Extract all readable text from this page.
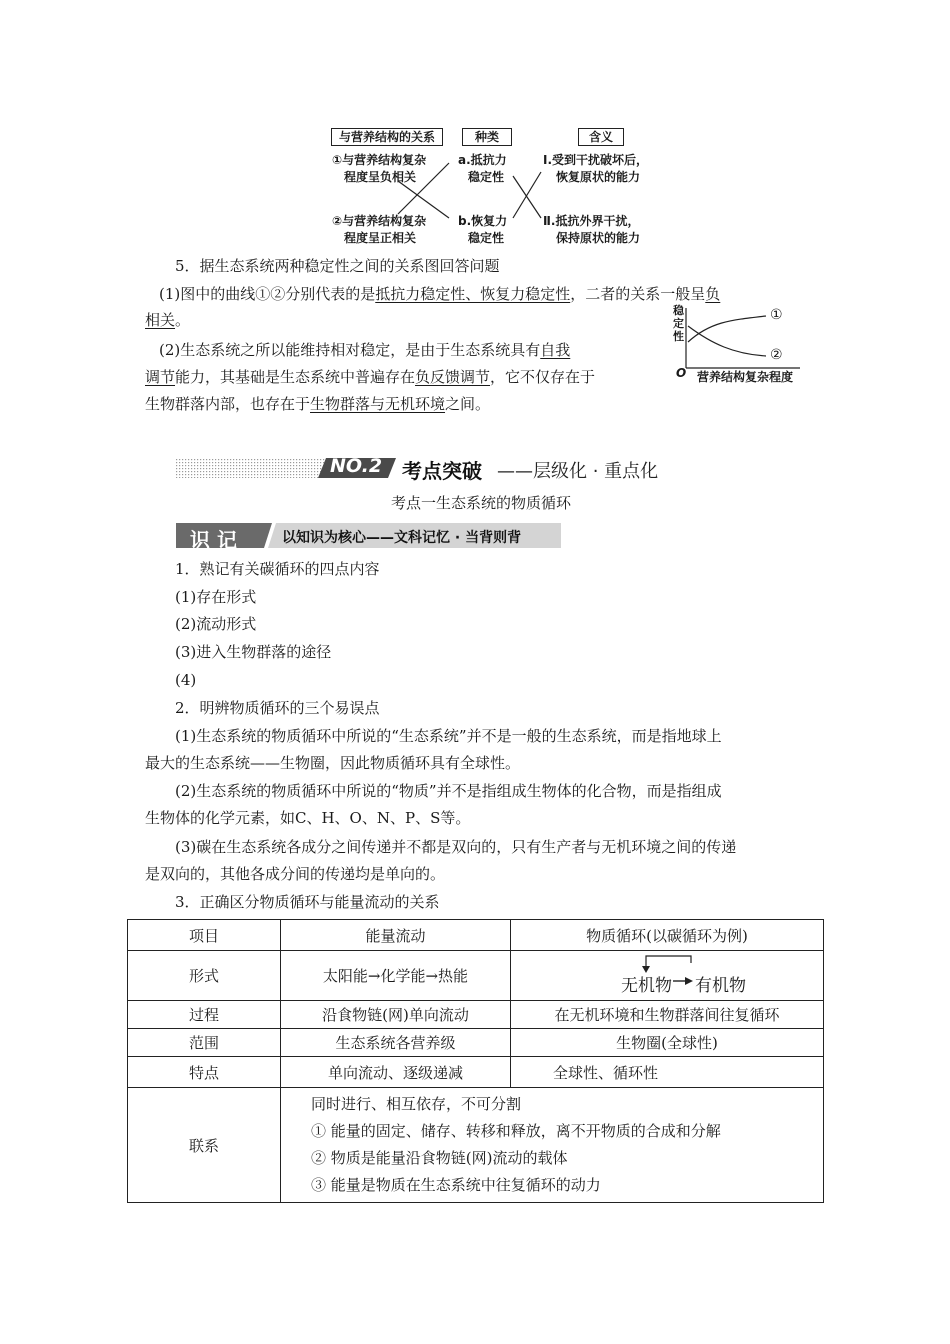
与营养结构的关系	种类	含义
①与营养结构复杂
程度呈负相关
②与营养结构复杂
程度呈正相关
a.抵抗力
稳定性
b.恢复力
稳定性
Ⅰ.受到干扰破坏后，
恢复原状的能力
Ⅱ.抵抗外界干扰，
保持原状的能力
5．据生态系统两种稳定性之间的关系图回答问题
(1)图中的曲线①②分别代表的是抵抗力稳定性、恢复力稳定性，二者的关系一般呈负
相关。
(2)生态系统之所以能维持相对稳定，是由于生态系统具有自我
调节能力，其基础是生态系统中普遍存在负反馈调节，它不仅存在于
生物群落内部，也存在于生物群落与无机环境之间。
稳定性
①
②
O 营养结构复杂程度
NO.2 考点突破 ——层级化 · 重点化
考点一生态系统的物质循环
识 记	以知识为核心——文科记忆 · 当背则背
1．熟记有关碳循环的四点内容
(1)存在形式
(2)流动形式
(3)进入生物群落的途径
(4)
2．明辨物质循环的三个易误点
(1)生态系统的物质循环中所说的“生态系统”并不是一般的生态系统，而是指地球上
最大的生态系统——生物圈，因此物质循环具有全球性。
(2)生态系统的物质循环中所说的“物质”并不是指组成生物体的化合物，而是指组成
生物体的化学元素，如C、H、O、N、P、S等。
(3)碳在生态系统各成分之间传递并不都是双向的，只有生产者与无机环境之间的传递
是双向的，其他各成分间的传递均是单向的。
3．正确区分物质循环与能量流动的关系
项目	能量流动	物质循环(以碳循环为例)
形式	太阳能→化学能→热能	无机物 有机物

过程	沿食物链(网)单向流动	在无机环境和生物群落间往复循环
范围	生态系统各营养级	生物圈(全球性)
特点	单向流动、逐级递减	全球性、循环性
联系	同时进行、相互依存，不可分割
① 能量的固定、储存、转移和释放，离不开物质的合成和分解
② 物质是能量沿食物链(网)流动的载体
③ 能量是物质在生态系统中往复循环的动力	
